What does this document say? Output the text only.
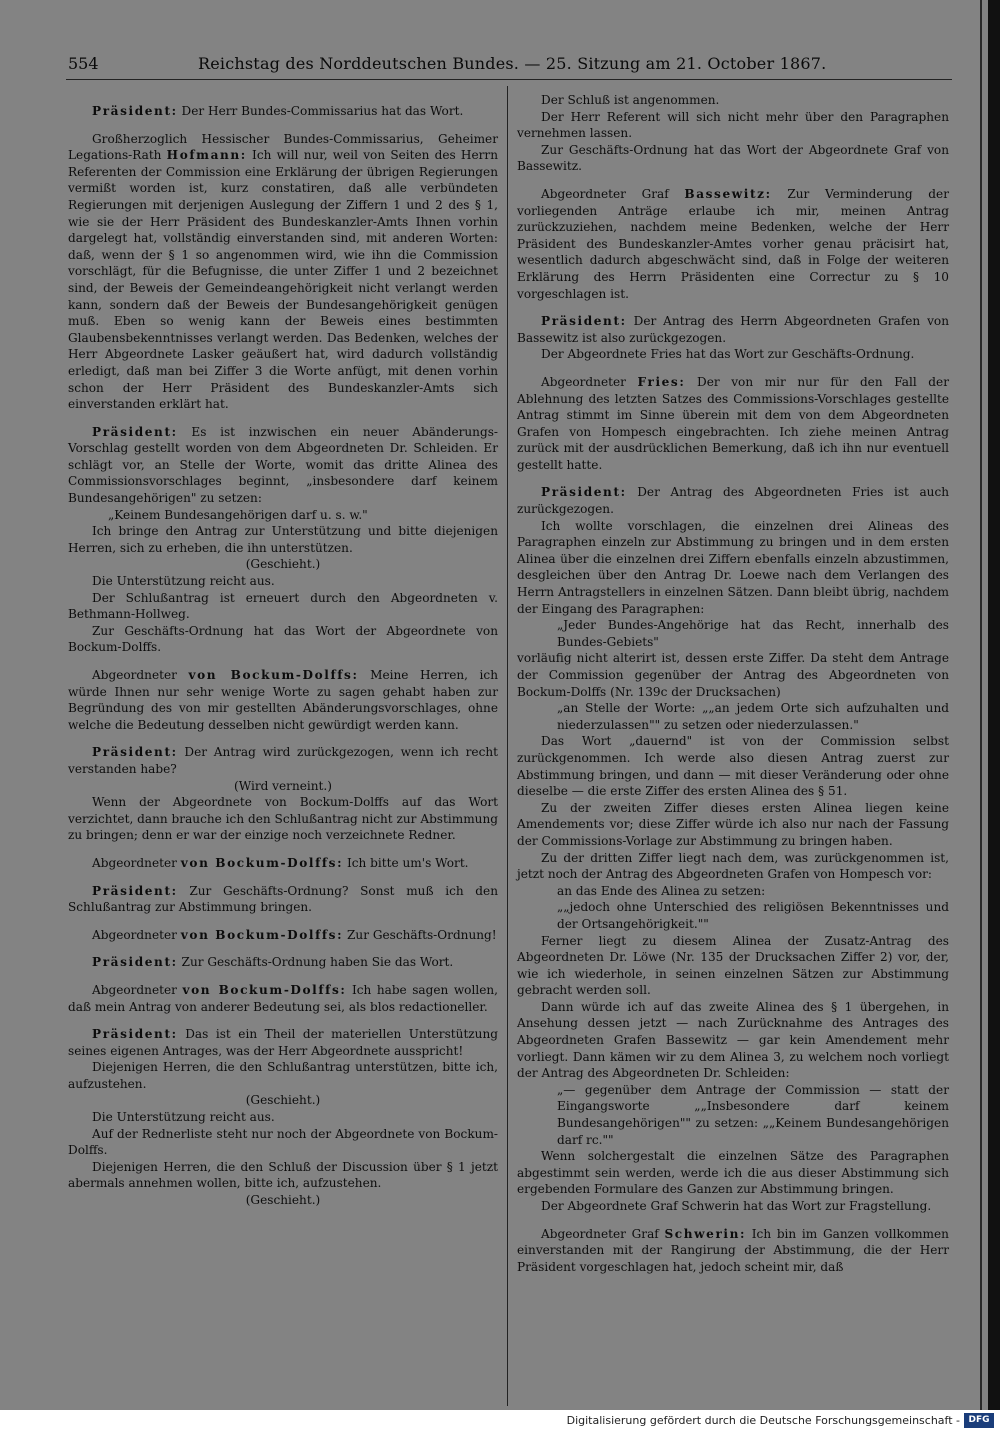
554	Reichstag des Norddeutschen Bundes. — 25. Sitzung am 21. October 1867.

Präsident: Der Herr Bundes-Commissarius hat das Wort.

Großherzoglich Hessischer Bundes-Commissarius, Geheimer Legations-Rath Hofmann: Ich will nur, weil von Seiten des Herrn Referenten der Commission eine Erklärung der übrigen Regierungen vermißt worden ist, kurz constatiren, daß alle verbündeten Regierungen mit derjenigen Auslegung der Ziffern 1 und 2 des § 1, wie sie der Herr Präsident des Bundeskanzler-Amts Ihnen vorhin dargelegt hat, vollständig einverstanden sind, mit anderen Worten: daß, wenn der § 1 so angenommen wird, wie ihn die Commission vorschlägt, für die Befugnisse, die unter Ziffer 1 und 2 bezeichnet sind, der Beweis der Gemeindeangehörigkeit nicht verlangt werden kann, sondern daß der Beweis der Bundesangehörigkeit genügen muß. Eben so wenig kann der Beweis eines bestimmten Glaubensbekenntnisses verlangt werden. Das Bedenken, welches der Herr Abgeordnete Lasker geäußert hat, wird dadurch vollständig erledigt, daß man bei Ziffer 3 die Worte anfügt, mit denen vorhin schon der Herr Präsident des Bundeskanzler-Amts sich einverstanden erklärt hat.

Präsident: Es ist inzwischen ein neuer Abänderungs-Vorschlag gestellt worden von dem Abgeordneten Dr. Schleiden. Er schlägt vor, an Stelle der Worte, womit das dritte Alinea des Commissionsvorschlages beginnt, „insbesondere darf keinem Bundesangehörigen" zu setzen:

„Keinem Bundesangehörigen darf u. s. w."

Ich bringe den Antrag zur Unterstützung und bitte diejenigen Herren, sich zu erheben, die ihn unterstützen.

(Geschieht.)

Die Unterstützung reicht aus.

Der Schlußantrag ist erneuert durch den Abgeordneten v. Bethmann-Hollweg.

Zur Geschäfts-Ordnung hat das Wort der Abgeordnete von Bockum-Dolffs.

Abgeordneter von Bockum-Dolffs: Meine Herren, ich würde Ihnen nur sehr wenige Worte zu sagen gehabt haben zur Begründung des von mir gestellten Abänderungsvorschlages, ohne welche die Bedeutung desselben nicht gewürdigt werden kann.

Präsident: Der Antrag wird zurückgezogen, wenn ich recht verstanden habe?

(Wird verneint.)

Wenn der Abgeordnete von Bockum-Dolffs auf das Wort verzichtet, dann brauche ich den Schlußantrag nicht zur Abstimmung zu bringen; denn er war der einzige noch verzeichnete Redner.

Abgeordneter von Bockum-Dolffs: Ich bitte um's Wort.

Präsident: Zur Geschäfts-Ordnung? Sonst muß ich den Schlußantrag zur Abstimmung bringen.

Abgeordneter von Bockum-Dolffs: Zur Geschäfts-Ordnung!

Präsident: Zur Geschäfts-Ordnung haben Sie das Wort.

Abgeordneter von Bockum-Dolffs: Ich habe sagen wollen, daß mein Antrag von anderer Bedeutung sei, als blos redactioneller.

Präsident: Das ist ein Theil der materiellen Unterstützung seines eigenen Antrages, was der Herr Abgeordnete ausspricht!

Diejenigen Herren, die den Schlußantrag unterstützen, bitte ich, aufzustehen.

(Geschieht.)

Die Unterstützung reicht aus.

Auf der Rednerliste steht nur noch der Abgeordnete von Bockum-Dolffs.

Diejenigen Herren, die den Schluß der Discussion über § 1 jetzt abermals annehmen wollen, bitte ich, aufzustehen.

(Geschieht.)

Der Schluß ist angenommen.

Der Herr Referent will sich nicht mehr über den Paragraphen vernehmen lassen.

Zur Geschäfts-Ordnung hat das Wort der Abgeordnete Graf von Bassewitz.

Abgeordneter Graf Bassewitz: Zur Verminderung der vorliegenden Anträge erlaube ich mir, meinen Antrag zurückzuziehen, nachdem meine Bedenken, welche der Herr Präsident des Bundeskanzler-Amtes vorher genau präcisirt hat, wesentlich dadurch abgeschwächt sind, daß in Folge der weiteren Erklärung des Herrn Präsidenten eine Correctur zu § 10 vorgeschlagen ist.

Präsident: Der Antrag des Herrn Abgeordneten Grafen von Bassewitz ist also zurückgezogen.

Der Abgeordnete Fries hat das Wort zur Geschäfts-Ordnung.

Abgeordneter Fries: Der von mir nur für den Fall der Ablehnung des letzten Satzes des Commissions-Vorschlages gestellte Antrag stimmt im Sinne überein mit dem von dem Abgeordneten Grafen von Hompesch eingebrachten. Ich ziehe meinen Antrag zurück mit der ausdrücklichen Bemerkung, daß ich ihn nur eventuell gestellt hatte.

Präsident: Der Antrag des Abgeordneten Fries ist auch zurückgezogen.

Ich wollte vorschlagen, die einzelnen drei Alineas des Paragraphen einzeln zur Abstimmung zu bringen und in dem ersten Alinea über die einzelnen drei Ziffern ebenfalls einzeln abzustimmen, desgleichen über den Antrag Dr. Loewe nach dem Verlangen des Herrn Antragstellers in einzelnen Sätzen. Dann bleibt übrig, nachdem der Eingang des Paragraphen:

„Jeder Bundes-Angehörige hat das Recht, innerhalb des Bundes-Gebiets"

vorläufig nicht alterirt ist, dessen erste Ziffer. Da steht dem Antrage der Commission gegenüber der Antrag des Abgeordneten von Bockum-Dolffs (Nr. 139c der Drucksachen)

„an Stelle der Worte: „„an jedem Orte sich aufzuhalten und niederzulassen"" zu setzen oder niederzulassen."

Das Wort „dauernd" ist von der Commission selbst zurückgenommen. Ich werde also diesen Antrag zuerst zur Abstimmung bringen, und dann — mit dieser Veränderung oder ohne dieselbe — die erste Ziffer des ersten Alinea des § 51.

Zu der zweiten Ziffer dieses ersten Alinea liegen keine Amendements vor; diese Ziffer würde ich also nur nach der Fassung der Commissions-Vorlage zur Abstimmung zu bringen haben.

Zu der dritten Ziffer liegt nach dem, was zurückgenommen ist, jetzt noch der Antrag des Abgeordneten Grafen von Hompesch vor:

an das Ende des Alinea zu setzen:

„„jedoch ohne Unterschied des religiösen Bekenntnisses und der Ortsangehörigkeit.""

Ferner liegt zu diesem Alinea der Zusatz-Antrag des Abgeordneten Dr. Löwe (Nr. 135 der Drucksachen Ziffer 2) vor, der, wie ich wiederhole, in seinen einzelnen Sätzen zur Abstimmung gebracht werden soll.

Dann würde ich auf das zweite Alinea des § 1 übergehen, in Ansehung dessen jetzt — nach Zurücknahme des Antrages des Abgeordneten Grafen Bassewitz — gar kein Amendement mehr vorliegt. Dann kämen wir zu dem Alinea 3, zu welchem noch vorliegt der Antrag des Abgeordneten Dr. Schleiden:

„— gegenüber dem Antrage der Commission — statt der Eingangsworte „„Insbesondere darf keinem Bundesangehörigen"" zu setzen: „„Keinem Bundesangehörigen darf rc.""

Wenn solchergestalt die einzelnen Sätze des Paragraphen abgestimmt sein werden, werde ich die aus dieser Abstimmung sich ergebenden Formulare des Ganzen zur Abstimmung bringen.

Der Abgeordnete Graf Schwerin hat das Wort zur Fragstellung.

Abgeordneter Graf Schwerin: Ich bin im Ganzen vollkommen einverstanden mit der Rangirung der Abstimmung, die der Herr Präsident vorgeschlagen hat, jedoch scheint mir, daß

Digitalisierung gefördert durch die Deutsche Forschungsgemeinschaft - DFG
